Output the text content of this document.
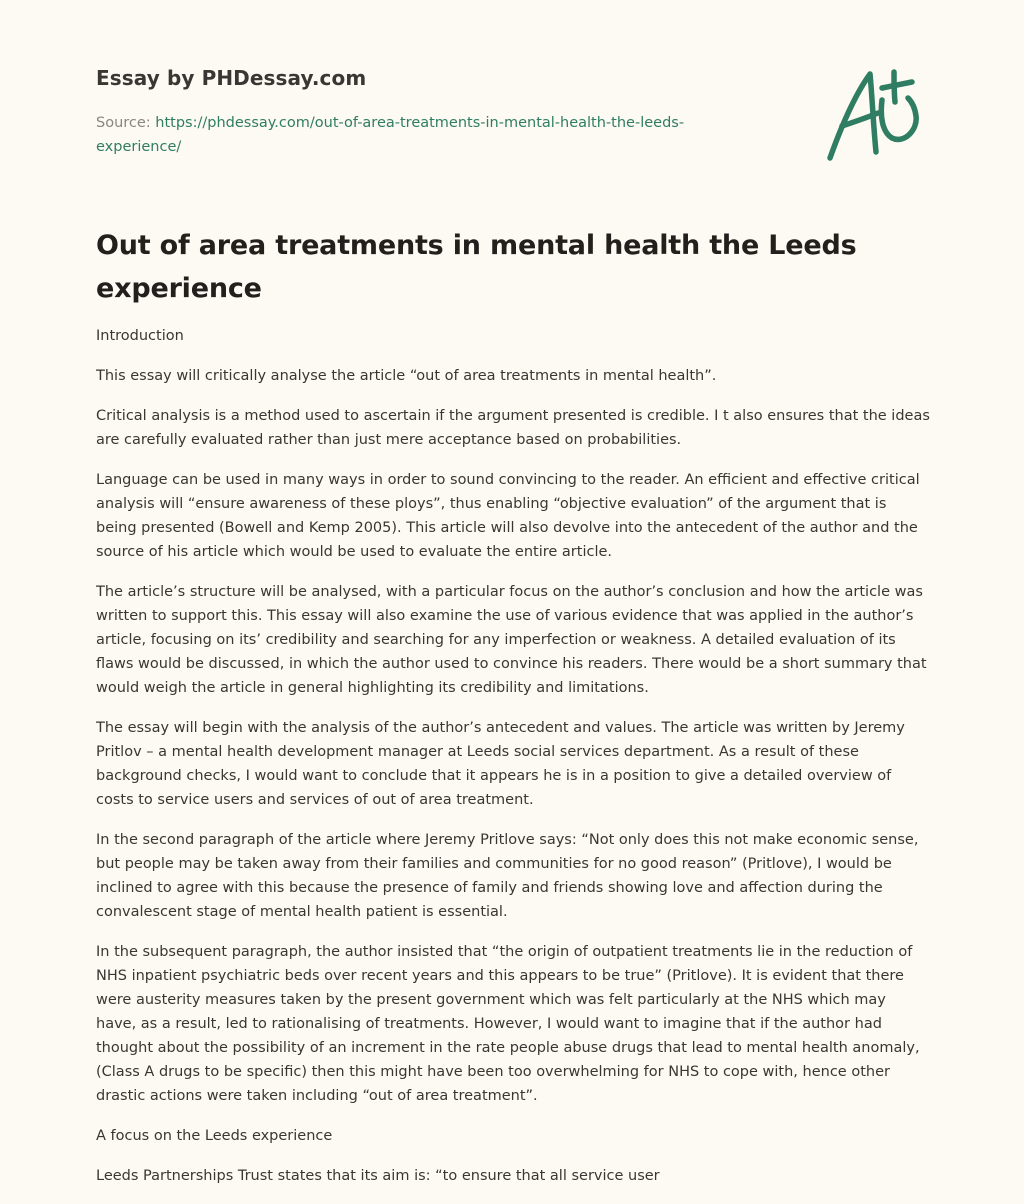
Essay by PHDessay.com
Source: https://phdessay.com/out-of-area-treatments-in-mental-health-the-leeds-experience/
Out of area treatments in mental health the Leeds experience

Introduction

This essay will critically analyse the article “out of area treatments in mental health”.

Critical analysis is a method used to ascertain if the argument presented is credible. I t also ensures that the ideas are carefully evaluated rather than just mere acceptance based on probabilities.

Language can be used in many ways in order to sound convincing to the reader. An efficient and effective critical analysis will “ensure awareness of these ploys”, thus enabling “objective evaluation” of the argument that is being presented (Bowell and Kemp 2005). This article will also devolve into the antecedent of the author and the source of his article which would be used to evaluate the entire article.

The article’s structure will be analysed, with a particular focus on the author’s conclusion and how the article was written to support this. This essay will also examine the use of various evidence that was applied in the author’s article, focusing on its’ credibility and searching for any imperfection or weakness. A detailed evaluation of its flaws would be discussed, in which the author used to convince his readers. There would be a short summary that would weigh the article in general highlighting its credibility and limitations.

The essay will begin with the analysis of the author’s antecedent and values. The article was written by Jeremy Pritlov – a mental health development manager at Leeds social services department. As a result of these background checks, I would want to conclude that it appears he is in a position to give a detailed overview of costs to service users and services of out of area treatment.

In the second paragraph of the article where Jeremy Pritlove says: “Not only does this not make economic sense, but people may be taken away from their families and communities for no good reason” (Pritlove), I would be inclined to agree with this because the presence of family and friends showing love and affection during the convalescent stage of mental health patient is essential.

In the subsequent paragraph, the author insisted that “the origin of outpatient treatments lie in the reduction of NHS inpatient psychiatric beds over recent years and this appears to be true” (Pritlove). It is evident that there were austerity measures taken by the present government which was felt particularly at the NHS which may have, as a result, led to rationalising of treatments. However, I would want to imagine that if the author had thought about the possibility of an increment in the rate people abuse drugs that lead to mental health anomaly, (Class A drugs to be specific) then this might have been too overwhelming for NHS to cope with, hence other drastic actions were taken including “out of area treatment”.

A focus on the Leeds experience

Leeds Partnerships Trust states that its aim is: “to ensure that all service user
